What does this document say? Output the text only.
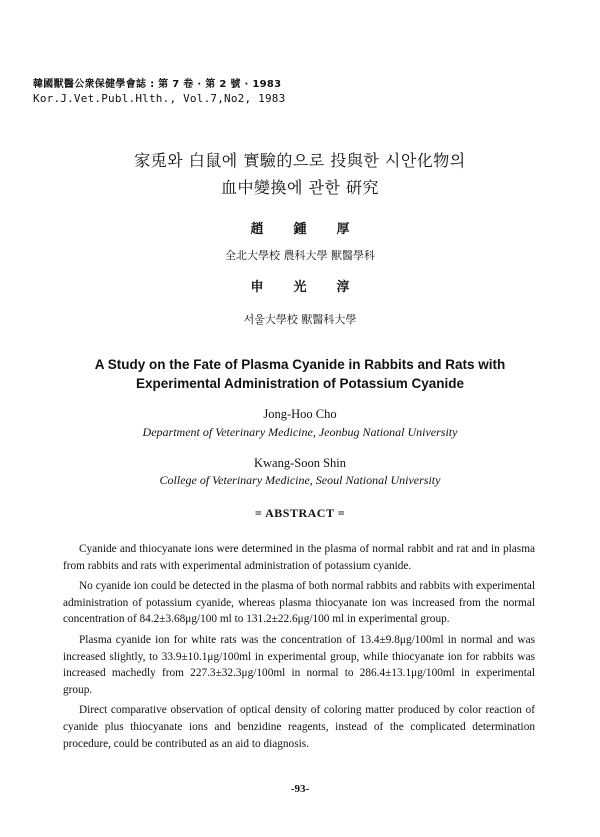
韓國獸醫公衆保健學會誌 : 第 7 卷 · 第 2 號 · 1983
Kor.J.Vet.Publ.Hlth., Vol.7,No2, 1983
家兎와 白鼠에 實驗的으로 投與한 시안化物의
血中變換에 관한 硏究
趙鍾厚
全北大學校 農科大學 獸醫學科
申光淳
서울大學校 獸醫科大學
A Study on the Fate of Plasma Cyanide in Rabbits and Rats with
Experimental Administration of Potassium Cyanide
Jong-Hoo Cho
Department of Veterinary Medicine, Jeonbug National University
Kwang-Soon Shin
College of Veterinary Medicine, Seoul National University
= ABSTRACT =

Cyanide and thiocyanate ions were determined in the plasma of normal rabbit and rat and in plasma from rabbits and rats with experimental administration of potassium cyanide.

No cyanide ion could be detected in the plasma of both normal rabbits and rabbits with experimental administration of potassium cyanide, whereas plasma thiocyanate ion was increased from the normal concentration of 84.2±3.68μg/100 ml to 131.2±22.6μg/100 ml in experimental group.

Plasma cyanide ion for white rats was the concentration of 13.4±9.8μg/100ml in normal and was increased slightly, to 33.9±10.1μg/100ml in experimental group, while thiocyanate ion for rabbits was increased machedly from 227.3±32.3μg/100ml in normal to 286.4±13.1μg/100ml in experimental group.

Direct comparative observation of optical density of coloring matter produced by color reaction of cyanide plus thiocyanate ions and benzidine reagents, instead of the complicated determination procedure, could be contributed as an aid to diagnosis.

-93-
